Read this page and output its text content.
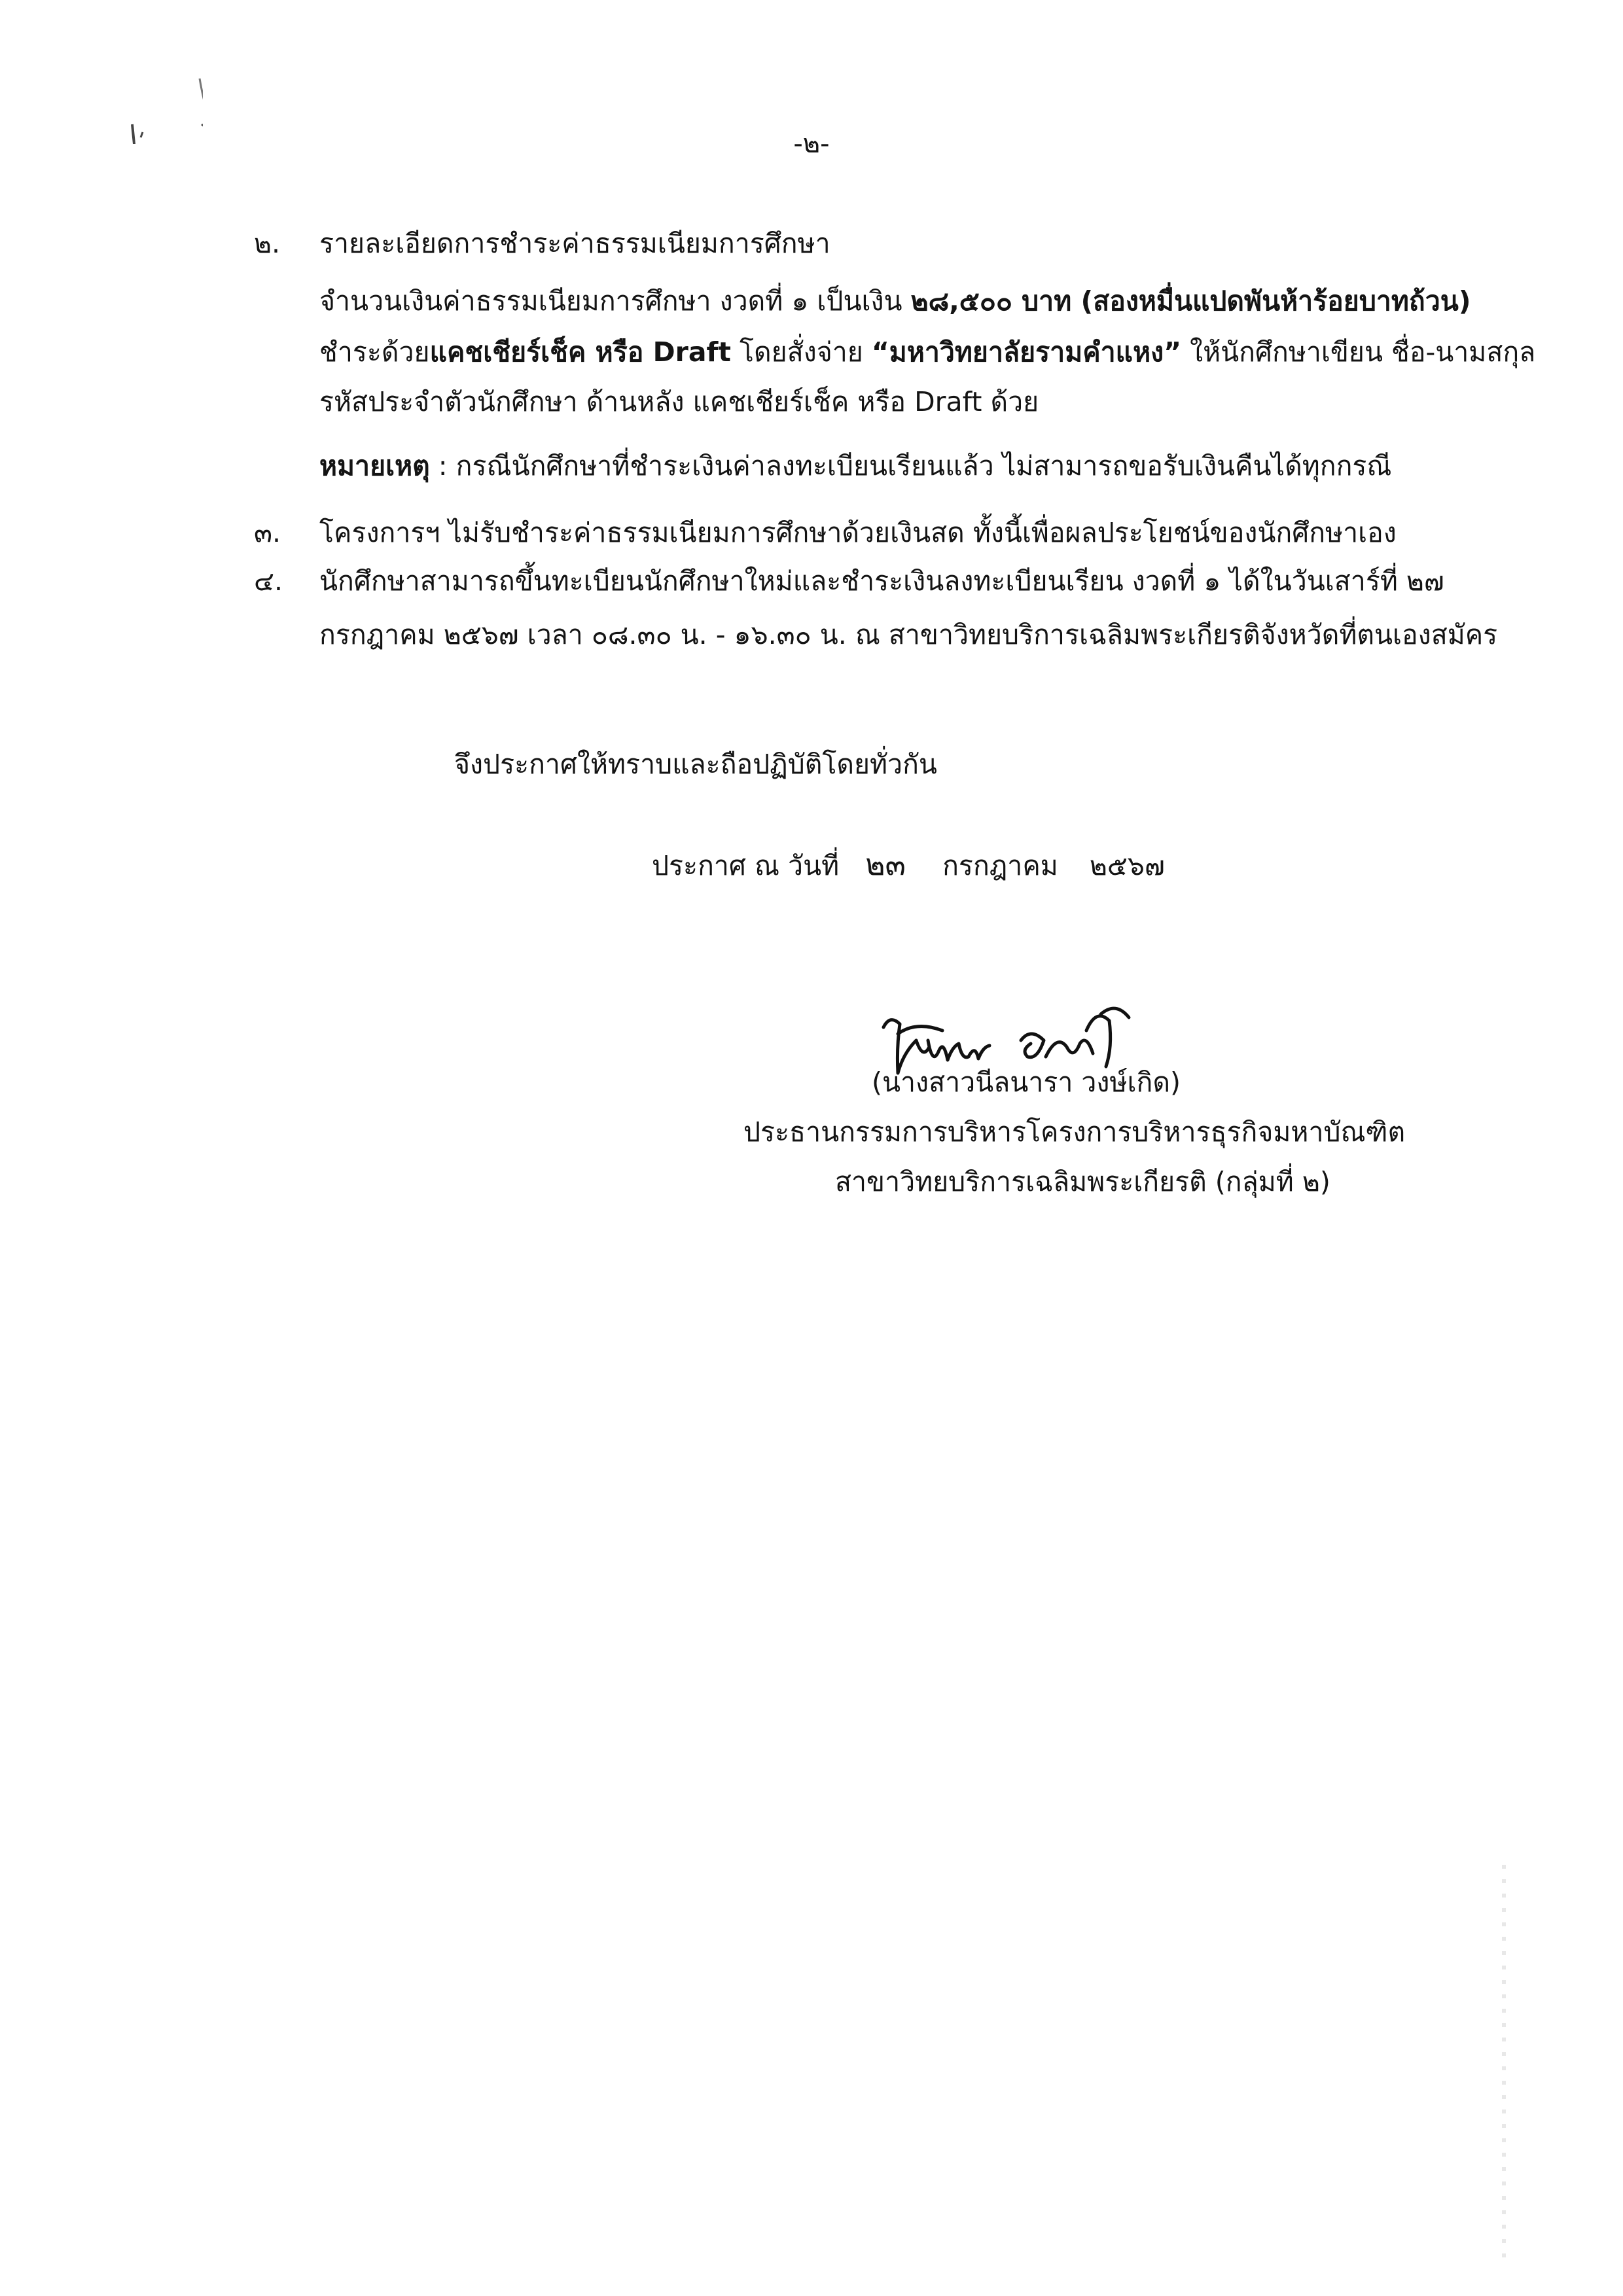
-๒-
๒. รายละเอียดการชำระค่าธรรมเนียมการศึกษา
จำนวนเงินค่าธรรมเนียมการศึกษา งวดที่ ๑ เป็นเงิน ๒๘,๕๐๐ บาท (สองหมื่นแปดพันห้าร้อยบาทถ้วน)
ชำระด้วยแคชเชียร์เช็ค หรือ Draft โดยสั่งจ่าย “มหาวิทยาลัยรามคำแหง” ให้นักศึกษาเขียน ชื่อ-นามสกุล
รหัสประจำตัวนักศึกษา ด้านหลัง แคชเชียร์เช็ค หรือ Draft ด้วย
หมายเหตุ : กรณีนักศึกษาที่ชำระเงินค่าลงทะเบียนเรียนแล้ว ไม่สามารถขอรับเงินคืนได้ทุกกรณี
๓. โครงการฯ ไม่รับชำระค่าธรรมเนียมการศึกษาด้วยเงินสด ทั้งนี้เพื่อผลประโยชน์ของนักศึกษาเอง
๔. นักศึกษาสามารถขึ้นทะเบียนนักศึกษาใหม่และชำระเงินลงทะเบียนเรียน งวดที่ ๑ ได้ในวันเสาร์ที่ ๒๗
กรกฎาคม ๒๕๖๗ เวลา ๐๘.๓๐ น. - ๑๖.๓๐ น. ณ สาขาวิทยบริการเฉลิมพระเกียรติจังหวัดที่ตนเองสมัคร
จึงประกาศให้ทราบและถือปฏิบัติโดยทั่วกัน
ประกาศ ณ วันที่ ๒๓ กรกฎาคม ๒๕๖๗
(นางสาวนีลนารา วงษ์เกิด)
ประธานกรรมการบริหารโครงการบริหารธุรกิจมหาบัณฑิต
สาขาวิทยบริการเฉลิมพระเกียรติ (กลุ่มที่ ๒)
